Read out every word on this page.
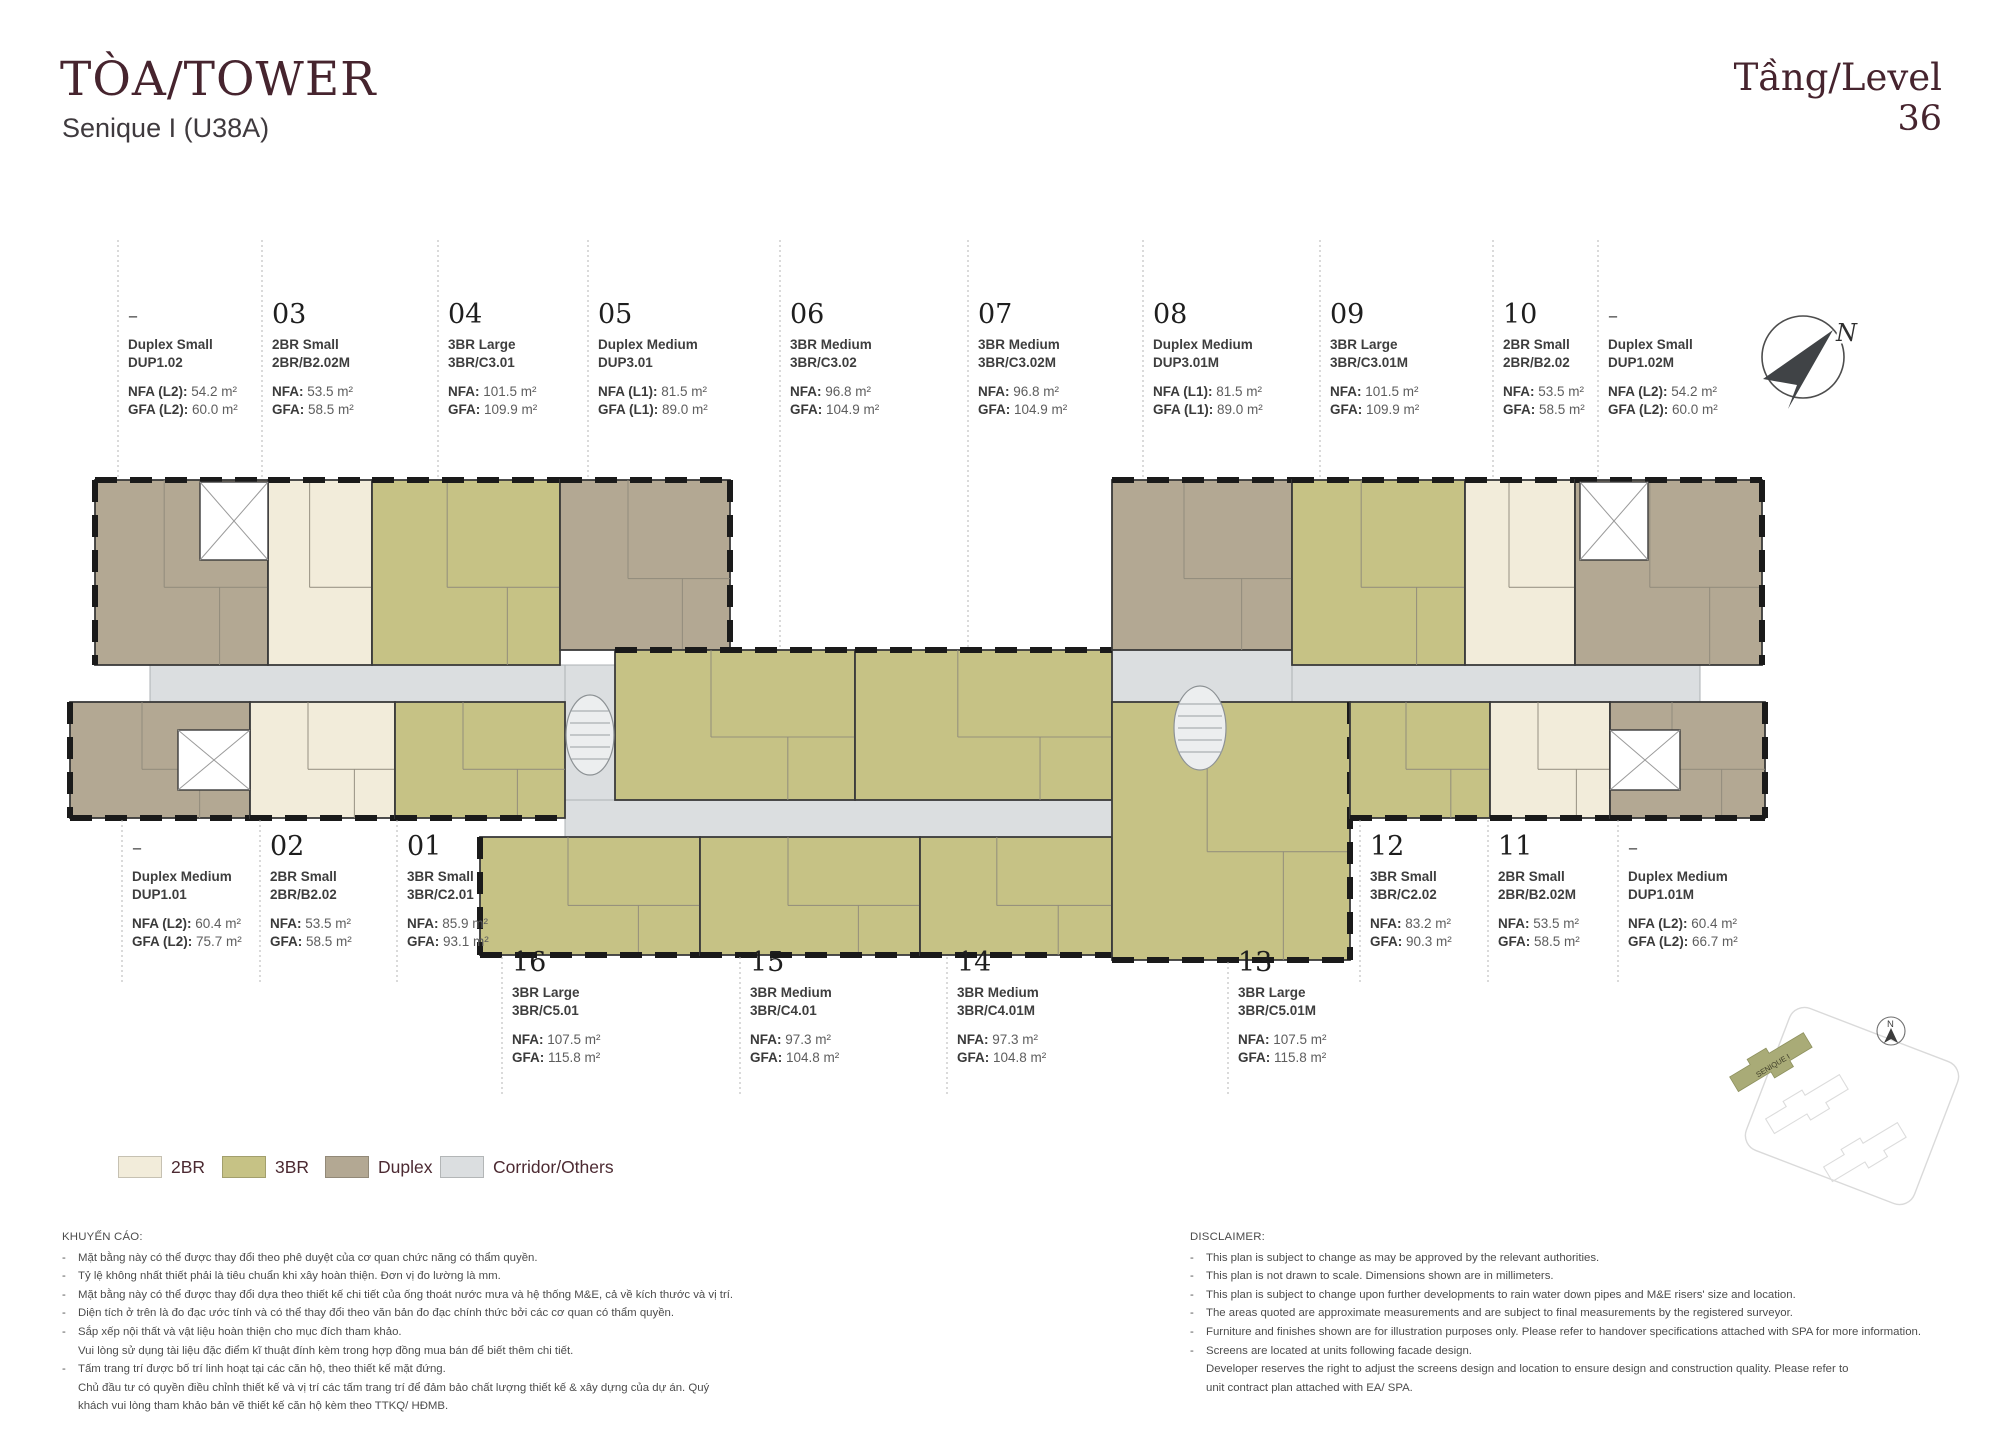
N
SENIQUE I
N
TÒA/TOWER
Senique I (U38A)
Tầng/Level
36
–
Duplex Small
DUP1.02
NFA (L2): 54.2 m²
GFA (L2): 60.0 m²
03
2BR Small
2BR/B2.02M
NFA: 53.5 m²
GFA: 58.5 m²
04
3BR Large
3BR/C3.01
NFA: 101.5 m²
GFA: 109.9 m²
05
Duplex Medium
DUP3.01
NFA (L1): 81.5 m²
GFA (L1): 89.0 m²
06
3BR Medium
3BR/C3.02
NFA: 96.8 m²
GFA: 104.9 m²
07
3BR Medium
3BR/C3.02M
NFA: 96.8 m²
GFA: 104.9 m²
08
Duplex Medium
DUP3.01M
NFA (L1): 81.5 m²
GFA (L1): 89.0 m²
09
3BR Large
3BR/C3.01M
NFA: 101.5 m²
GFA: 109.9 m²
10
2BR Small
2BR/B2.02
NFA: 53.5 m²
GFA: 58.5 m²
–
Duplex Small
DUP1.02M
NFA (L2): 54.2 m²
GFA (L2): 60.0 m²
–
Duplex Medium
DUP1.01
NFA (L2): 60.4 m²
GFA (L2): 75.7 m²
02
2BR Small
2BR/B2.02
NFA: 53.5 m²
GFA: 58.5 m²
01
3BR Small
3BR/C2.01
NFA: 85.9 m²
GFA: 93.1 m²
16
3BR Large
3BR/C5.01
NFA: 107.5 m²
GFA: 115.8 m²
15
3BR Medium
3BR/C4.01
NFA: 97.3 m²
GFA: 104.8 m²
14
3BR Medium
3BR/C4.01M
NFA: 97.3 m²
GFA: 104.8 m²
13
3BR Large
3BR/C5.01M
NFA: 107.5 m²
GFA: 115.8 m²
12
3BR Small
3BR/C2.02
NFA: 83.2 m²
GFA: 90.3 m²
11
2BR Small
2BR/B2.02M
NFA: 53.5 m²
GFA: 58.5 m²
–
Duplex Medium
DUP1.01M
NFA (L2): 60.4 m²
GFA (L2): 66.7 m²
2BR	3BR	Duplex	Corridor/Others
KHUYẾN CÁO:
-	Mặt bằng này có thể được thay đổi theo phê duyệt của cơ quan chức năng có thẩm quyền.
-	Tỷ lệ không nhất thiết phải là tiêu chuẩn khi xây hoàn thiện. Đơn vị đo lường là mm.
-	Mặt bằng này có thể được thay đổi dựa theo thiết kế chi tiết của ống thoát nước mưa và hệ thống M&E, cả về kích thước và vị trí.
-	Diện tích ở trên là đo đạc ước tính và có thể thay đổi theo văn bản đo đạc chính thức bởi các cơ quan có thẩm quyền.
-	Sắp xếp nội thất và vật liệu hoàn thiện cho mục đích tham khảo.
Vui lòng sử dụng tài liệu đặc điểm kĩ thuật đính kèm trong hợp đồng mua bán để biết thêm chi tiết.
-	Tấm trang trí được bố trí linh hoạt tại các căn hộ, theo thiết kế mặt đứng.
Chủ đầu tư có quyền điều chỉnh thiết kế và vị trí các tấm trang trí để đảm bảo chất lượng thiết kế & xây dựng của dự án. Quý khách vui lòng tham khảo bản vẽ thiết kế căn hộ kèm theo TTKQ/ HĐMB.
DISCLAIMER:
-	This plan is subject to change as may be approved by the relevant authorities.
-	This plan is not drawn to scale. Dimensions shown are in millimeters.
-	This plan is subject to change upon further developments to rain water down pipes and M&E risers' size and location.
-	The areas quoted are approximate measurements and are subject to final measurements by the registered surveyor.
-	Furniture and finishes shown are for illustration purposes only. Please refer to handover specifications attached with SPA for more information.
-	Screens are located at units following facade design.
Developer reserves the right to adjust the screens design and location to ensure design and construction quality. Please refer to unit contract plan attached with EA/ SPA.
